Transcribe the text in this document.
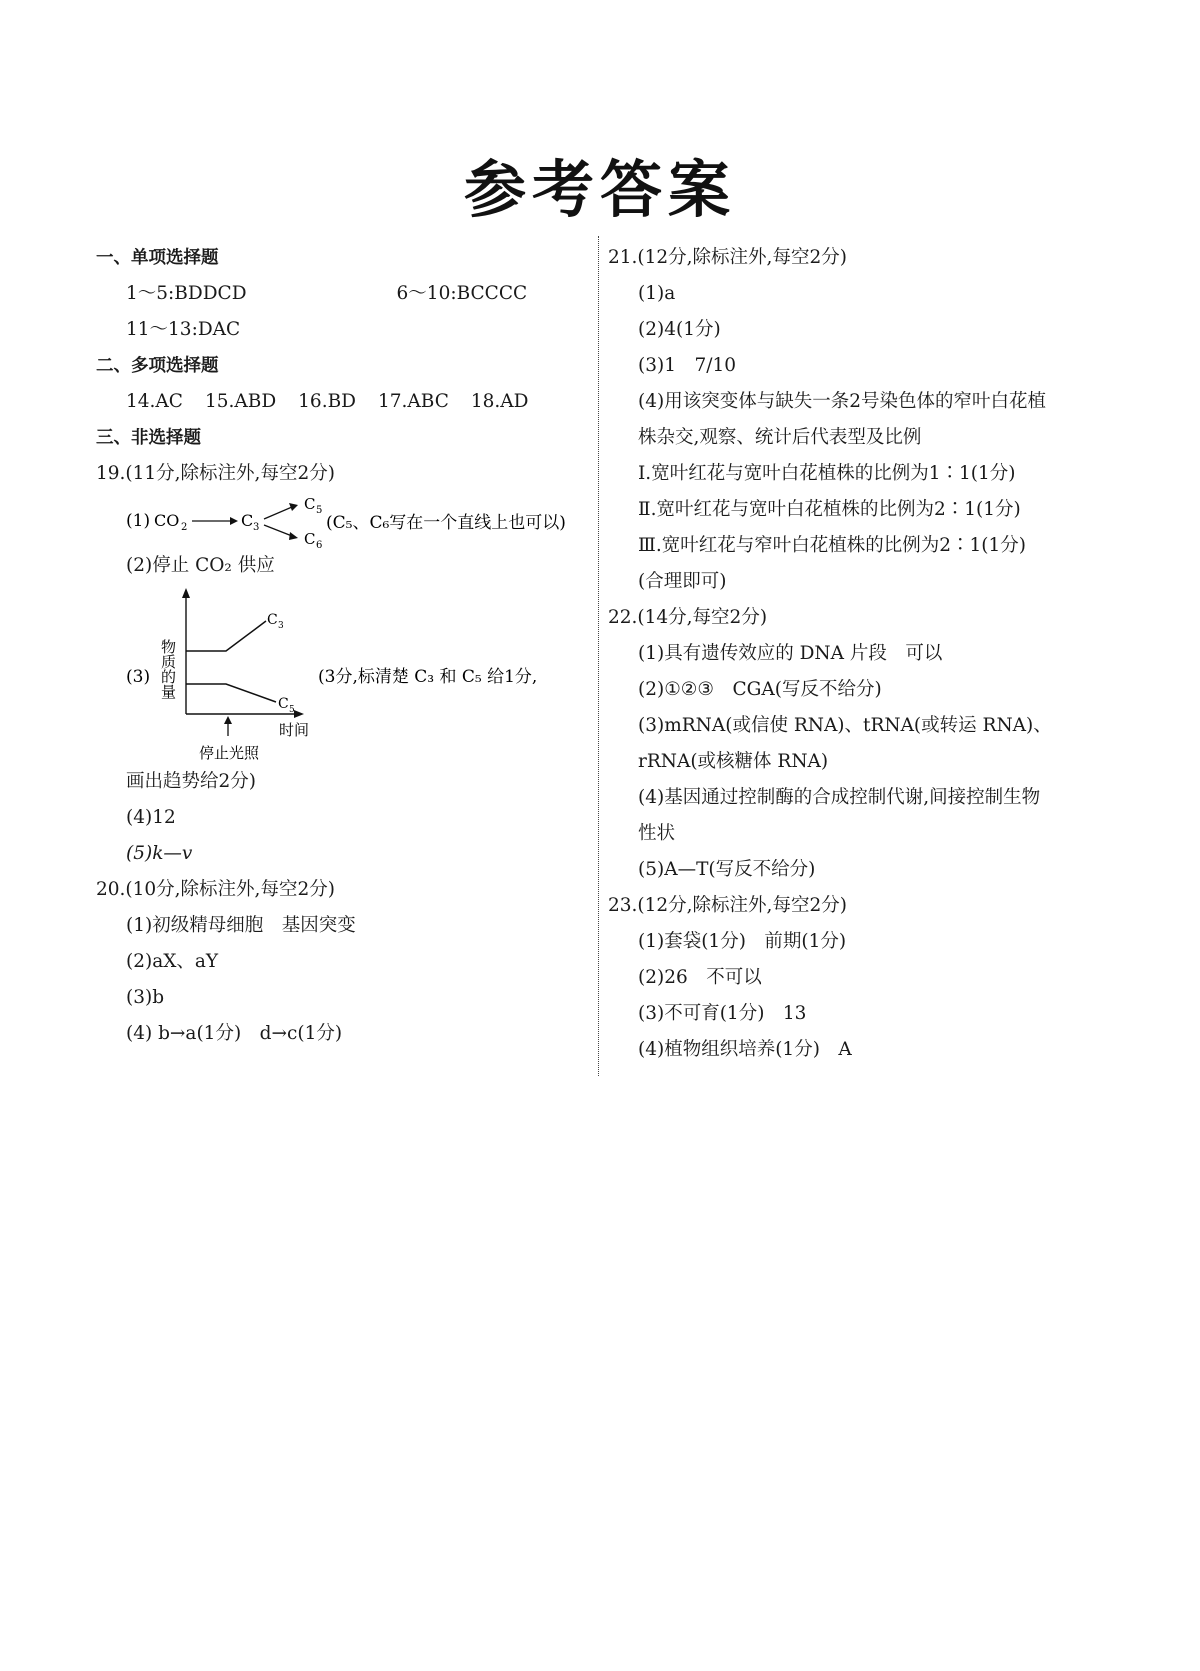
参考答案
一、单项选择题
1～5:BDDCD	6～10:BCCCC
11～13:DAC
二、多项选择题
14.AC 15.ABD 16.BD 17.ABC 18.AD
三、非选择题
19.(11分,除标注外,每空2分)
(1) CO 2	C 3
C 5
C 6
(C₅、C₆写在一个直线上也可以)
(2)停止 CO₂ 供应
(3) 物质的量
C 3
C 5
时间
停止光照
(3分,标清楚 C₃ 和 C₅ 给1分,
画出趋势给2分)
(4)12
(5)k—v
20.(10分,除标注外,每空2分)
(1)初级精母细胞　基因突变
(2)aX、aY
(3)b
(4) b→a(1分)　d→c(1分)
21.(12分,除标注外,每空2分)
(1)a
(2)4(1分)
(3)1　7/10
(4)用该突变体与缺失一条2号染色体的窄叶白花植
株杂交,观察、统计后代表型及比例
Ⅰ.宽叶红花与宽叶白花植株的比例为1∶1(1分)
Ⅱ.宽叶红花与宽叶白花植株的比例为2∶1(1分)
Ⅲ.宽叶红花与窄叶白花植株的比例为2∶1(1分)
(合理即可)
22.(14分,每空2分)
(1)具有遗传效应的 DNA 片段　可以
(2)①②③　CGA(写反不给分)
(3)mRNA(或信使 RNA)、tRNA(或转运 RNA)、
rRNA(或核糖体 RNA)
(4)基因通过控制酶的合成控制代谢,间接控制生物
性状
(5)A—T(写反不给分)
23.(12分,除标注外,每空2分)
(1)套袋(1分)　前期(1分)
(2)26　不可以
(3)不可育(1分)　13
(4)植物组织培养(1分)　A
